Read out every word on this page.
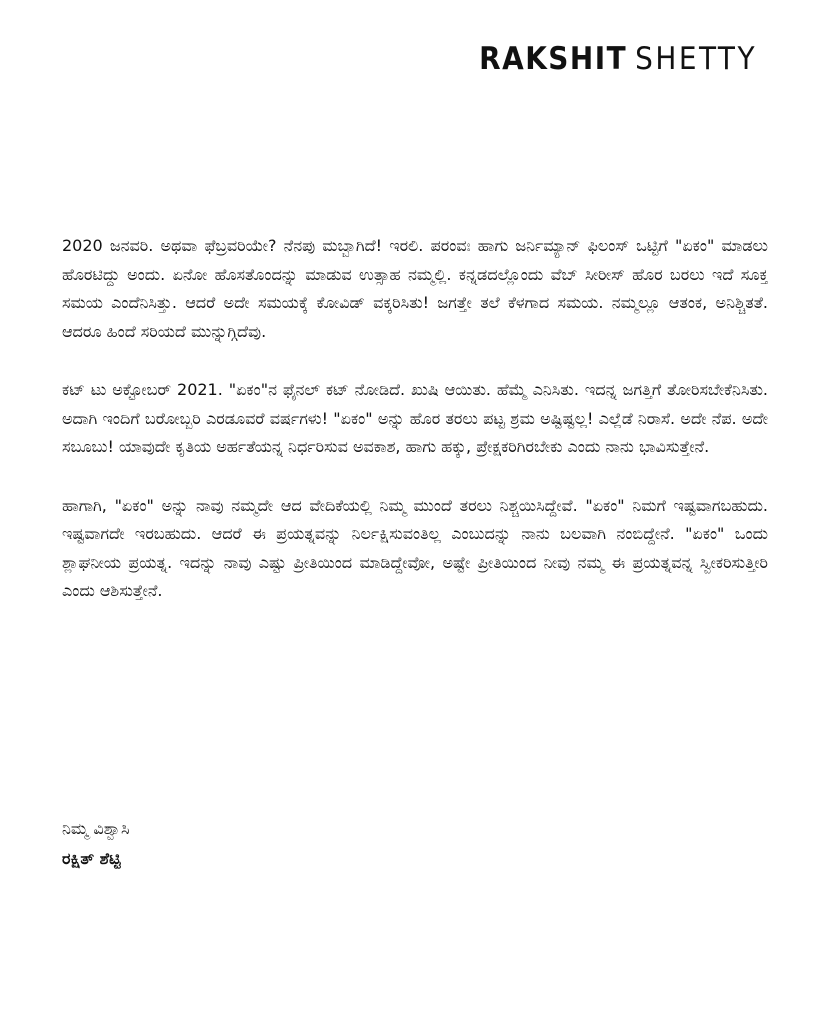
RAKSHIT SHETTY

2020 ಜನವರಿ. ಅಥವಾ ಫೆಬ್ರವರಿಯೇ? ನೆನಪು ಮಬ್ಬಾಗಿದೆ! ಇರಲಿ. ಪರಂವಃ ಹಾಗು ಜರ್ನಿಮ್ಯಾನ್ ಫಿಲಂಸ್ ಒಟ್ಟಿಗೆ "ಏಕಂ" ಮಾಡಲು ಹೊರಟಿದ್ದು ಅಂದು. ಏನೋ ಹೊಸತೊಂದನ್ನು ಮಾಡುವ ಉತ್ಸಾಹ ನಮ್ಮಲ್ಲಿ. ಕನ್ನಡದಲ್ಲೊಂದು ವೆಬ್ ಸೀರೀಸ್ ಹೊರ ಬರಲು ಇದೆ ಸೂಕ್ತ ಸಮಯ ಎಂದೆನಿಸಿತ್ತು. ಆದರೆ ಅದೇ ಸಮಯಕ್ಕೆ ಕೋವಿಡ್ ವಕ್ಕರಿಸಿತು! ಜಗತ್ತೇ ತಲೆ ಕೆಳಗಾದ ಸಮಯ. ನಮ್ಮಲ್ಲೂ ಆತಂಕ, ಅನಿಶ್ಚಿತತೆ. ಆದರೂ ಹಿಂದೆ ಸರಿಯದೆ ಮುನ್ನುಗ್ಗಿದೆವು.

ಕಟ್ ಟು ಅಕ್ಟೋಬರ್ 2021. "ಏಕಂ"ನ ಫೈನಲ್ ಕಟ್ ನೋಡಿದೆ. ಖುಷಿ ಆಯಿತು. ಹೆಮ್ಮೆ ಎನಿಸಿತು. ಇದನ್ನ ಜಗತ್ತಿಗೆ ತೋರಿಸಬೇಕೆನಿಸಿತು. ಅದಾಗಿ ಇಂದಿಗೆ ಬರೋಬ್ಬರಿ ಎರಡೂವರೆ ವರ್ಷಗಳು! "ಏಕಂ" ಅನ್ನು ಹೊರ ತರಲು ಪಟ್ಟ ಶ್ರಮ ಅಷ್ಟಿಷ್ಟಲ್ಲ! ಎಲ್ಲೆಡೆ ನಿರಾಸೆ. ಅದೇ ನೆಪ. ಅದೇ ಸಬೂಬು! ಯಾವುದೇ ಕೃತಿಯ ಅರ್ಹತೆಯನ್ನ ನಿರ್ಧರಿಸುವ ಅವಕಾಶ, ಹಾಗು ಹಕ್ಕು, ಪ್ರೇಕ್ಷಕರಿಗಿರಬೇಕು ಎಂದು ನಾನು ಭಾವಿಸುತ್ತೇನೆ.

ಹಾಗಾಗಿ, "ಏಕಂ" ಅನ್ನು ನಾವು ನಮ್ಮದೇ ಆದ ವೇದಿಕೆಯಲ್ಲಿ ನಿಮ್ಮ ಮುಂದೆ ತರಲು ನಿಶ್ಚಯಿಸಿದ್ದೇವೆ. "ಏಕಂ" ನಿಮಗೆ ಇಷ್ಟವಾಗಬಹುದು. ಇಷ್ಟವಾಗದೇ ಇರಬಹುದು. ಆದರೆ ಈ ಪ್ರಯತ್ನವನ್ನು ನಿರ್ಲಕ್ಷಿಸುವಂತಿಲ್ಲ ಎಂಬುದನ್ನು ನಾನು ಬಲವಾಗಿ ನಂಬಿದ್ದೇನೆ. "ಏಕಂ" ಒಂದು ಶ್ಲಾಘನೀಯ ಪ್ರಯತ್ನ. ಇದನ್ನು ನಾವು ಎಷ್ಟು ಪ್ರೀತಿಯಿಂದ ಮಾಡಿದ್ದೇವೋ, ಅಷ್ಟೇ ಪ್ರೀತಿಯಿಂದ ನೀವು ನಮ್ಮ ಈ ಪ್ರಯತ್ನವನ್ನ ಸ್ವೀಕರಿಸುತ್ತೀರಿ ಎಂದು ಆಶಿಸುತ್ತೇನೆ.

ನಿಮ್ಮ ವಿಶ್ವಾಸಿ
ರಕ್ಷಿತ್ ಶೆಟ್ಟಿ
